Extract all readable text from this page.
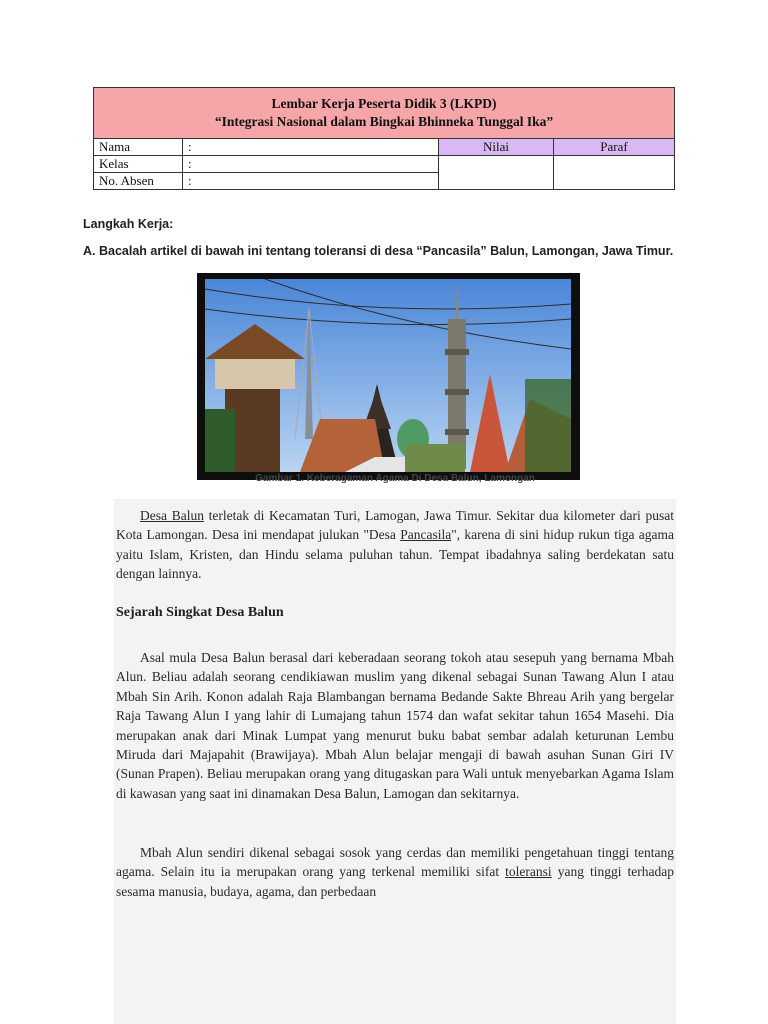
Lembar Kerja Peserta Didik 3 (LKPD)
“Integrasi Nasional dalam Bingkai Bhinneka Tunggal Ika”			

Nama	:	Nilai	Paraf
Kelas	:		
No. Absen	:		
Langkah Kerja:
A. Bacalah artikel di bawah ini tentang toleransi di desa “Pancasila” Balun, Lamongan, Jawa Timur.
Gambar 1. Keberagaman Agama Di Desa Balun, Lamongan
Desa Balun terletak di Kecamatan Turi, Lamogan, Jawa Timur. Sekitar dua kilometer dari pusat Kota Lamongan. Desa ini mendapat julukan "Desa Pancasila", karena di sini hidup rukun tiga agama yaitu Islam, Kristen, dan Hindu selama puluhan tahun. Tempat ibadahnya saling berdekatan satu dengan lainnya.
Sejarah Singkat Desa Balun
Asal mula Desa Balun berasal dari keberadaan seorang tokoh atau sesepuh yang bernama Mbah Alun. Beliau adalah seorang cendikiawan muslim yang dikenal sebagai Sunan Tawang Alun I atau Mbah Sin Arih. Konon adalah Raja Blambangan bernama Bedande Sakte Bhreau Arih yang bergelar Raja Tawang Alun I yang lahir di Lumajang tahun 1574 dan wafat sekitar tahun 1654 Masehi. Dia merupakan anak dari Minak Lumpat yang menurut buku babat sembar adalah keturunan Lembu Miruda dari Majapahit (Brawijaya). Mbah Alun belajar mengaji di bawah asuhan Sunan Giri IV (Sunan Prapen). Beliau merupakan orang yang ditugaskan para Wali untuk menyebarkan Agama Islam di kawasan yang saat ini dinamakan Desa Balun, Lamogan dan sekitarnya.
Mbah Alun sendiri dikenal sebagai sosok yang cerdas dan memiliki pengetahuan tinggi tentang agama. Selain itu ia merupakan orang yang terkenal memiliki sifat toleransi yang tinggi terhadap sesama manusia, budaya, agama, dan perbedaan
